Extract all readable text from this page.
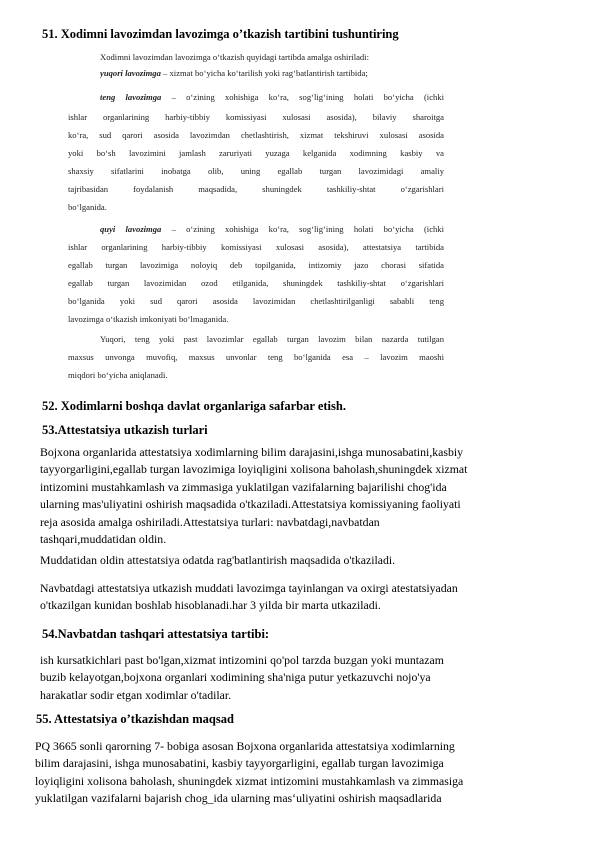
51. Xodimni lavozimdan lavozimga o’tkazish tartibini tushuntiring
Xodimni lavozimdan lavozimga o‘tkazish quyidagi tartibda amalga oshiriladi:
yuqori lavozimga – xizmat bo‘yicha ko‘tarilish yoki rag‘batlantirish tartibida;
teng lavozimga – o‘zining xohishiga ko‘ra, sog‘lig‘ining holati bo‘yicha (ichki
ishlar organlarining harbiy-tibbiy komissiyasi xulosasi asosida), bilaviy sharoitga
ko‘ra, sud qarori asosida lavozimdan chetlashtirish, xizmat tekshiruvi xulosasi asosida
yoki bo‘sh lavozimini jamlash zaruriyati yuzaga kelganida xodimning kasbiy va
shaxsiy sifatlarini inobatga olib, uning egallab turgan lavozimidagi amaliy
tajribasidan foydalanish maqsadida, shuningdek tashkiliy-shtat o‘zgarishlari
bo‘lganida.
quyi lavozimga – o‘zining xohishiga ko‘ra, sog‘lig‘ining holati bo‘yicha (ichki
ishlar organlarining harbiy-tibbiy komissiyasi xulosasi asosida), attestatsiya tartibida
egallab turgan lavozimiga noloyiq deb topilganida, intizomiy jazo chorasi sifatida
egallab turgan lavozimidan ozod etilganida, shuningdek tashkiliy-shtat o‘zgarishlari
bo‘lganida yoki sud qarori asosida lavozimidan chetlashtirilganligi sababli teng
lavozimga o‘tkazish imkoniyati bo‘lmaganida.
Yuqori, teng yoki past lavozimlar egallab turgan lavozim bilan nazarda tutilgan
maxsus unvonga muvofiq, maxsus unvonlar teng bo‘lganida esa – lavozim maoshi
miqdori bo‘yicha aniqlanadi.
52. Xodimlarni boshqa davlat organlariga safarbar etish.
53.Attestatsiya utkazish turlari
Bojxona organlarida attestatsiya xodimlarning bilim darajasini,ishga munosabatini,kasbiy
tayyorgarligini,egallab turgan lavozimiga loyiqligini xolisona baholash,shuningdek xizmat
intizomini mustahkamlash va zimmasiga yuklatilgan vazifalarning bajarilishi chog'ida
ularning mas'uliyatini oshirish maqsadida o'tkaziladi.Attestatsiya komissiyaning faoliyati
reja asosida amalga oshiriladi.Attestatsiya turlari: navbatdagi,navbatdan
tashqari,muddatidan oldin.
Muddatidan oldin attestatsiya odatda rag'batlantirish maqsadida o'tkaziladi.
Navbatdagi attestatsiya utkazish muddati lavozimga tayinlangan va oxirgi atestatsiyadan
o'tkazilgan kunidan boshlab hisoblanadi.har 3 yilda bir marta utkaziladi.
54.Navbatdan tashqari attestatsiya tartibi:
ish kursatkichlari past bo'lgan,xizmat intizomini qo'pol tarzda buzgan yoki muntazam
buzib kelayotgan,bojxona organlari xodimining sha'niga putur yetkazuvchi nojo'ya
harakatlar sodir etgan xodimlar o'tadilar.
55. Attestatsiya o’tkazishdan maqsad
PQ 3665 sonli qarorning 7- bobiga asosan Bojxona organlarida attestatsiya xodimlarning
bilim darajasini, ishga munosabatini, kasbiy tayyorgarligini, egallab turgan lavozimiga
loyiqligini xolisona baholash, shuningdek xizmat intizomini mustahkamlash va zimmasiga
yuklatilgan vazifalarni bajarish chog_ida ularning mas‘uliyatini oshirish maqsadlarida
